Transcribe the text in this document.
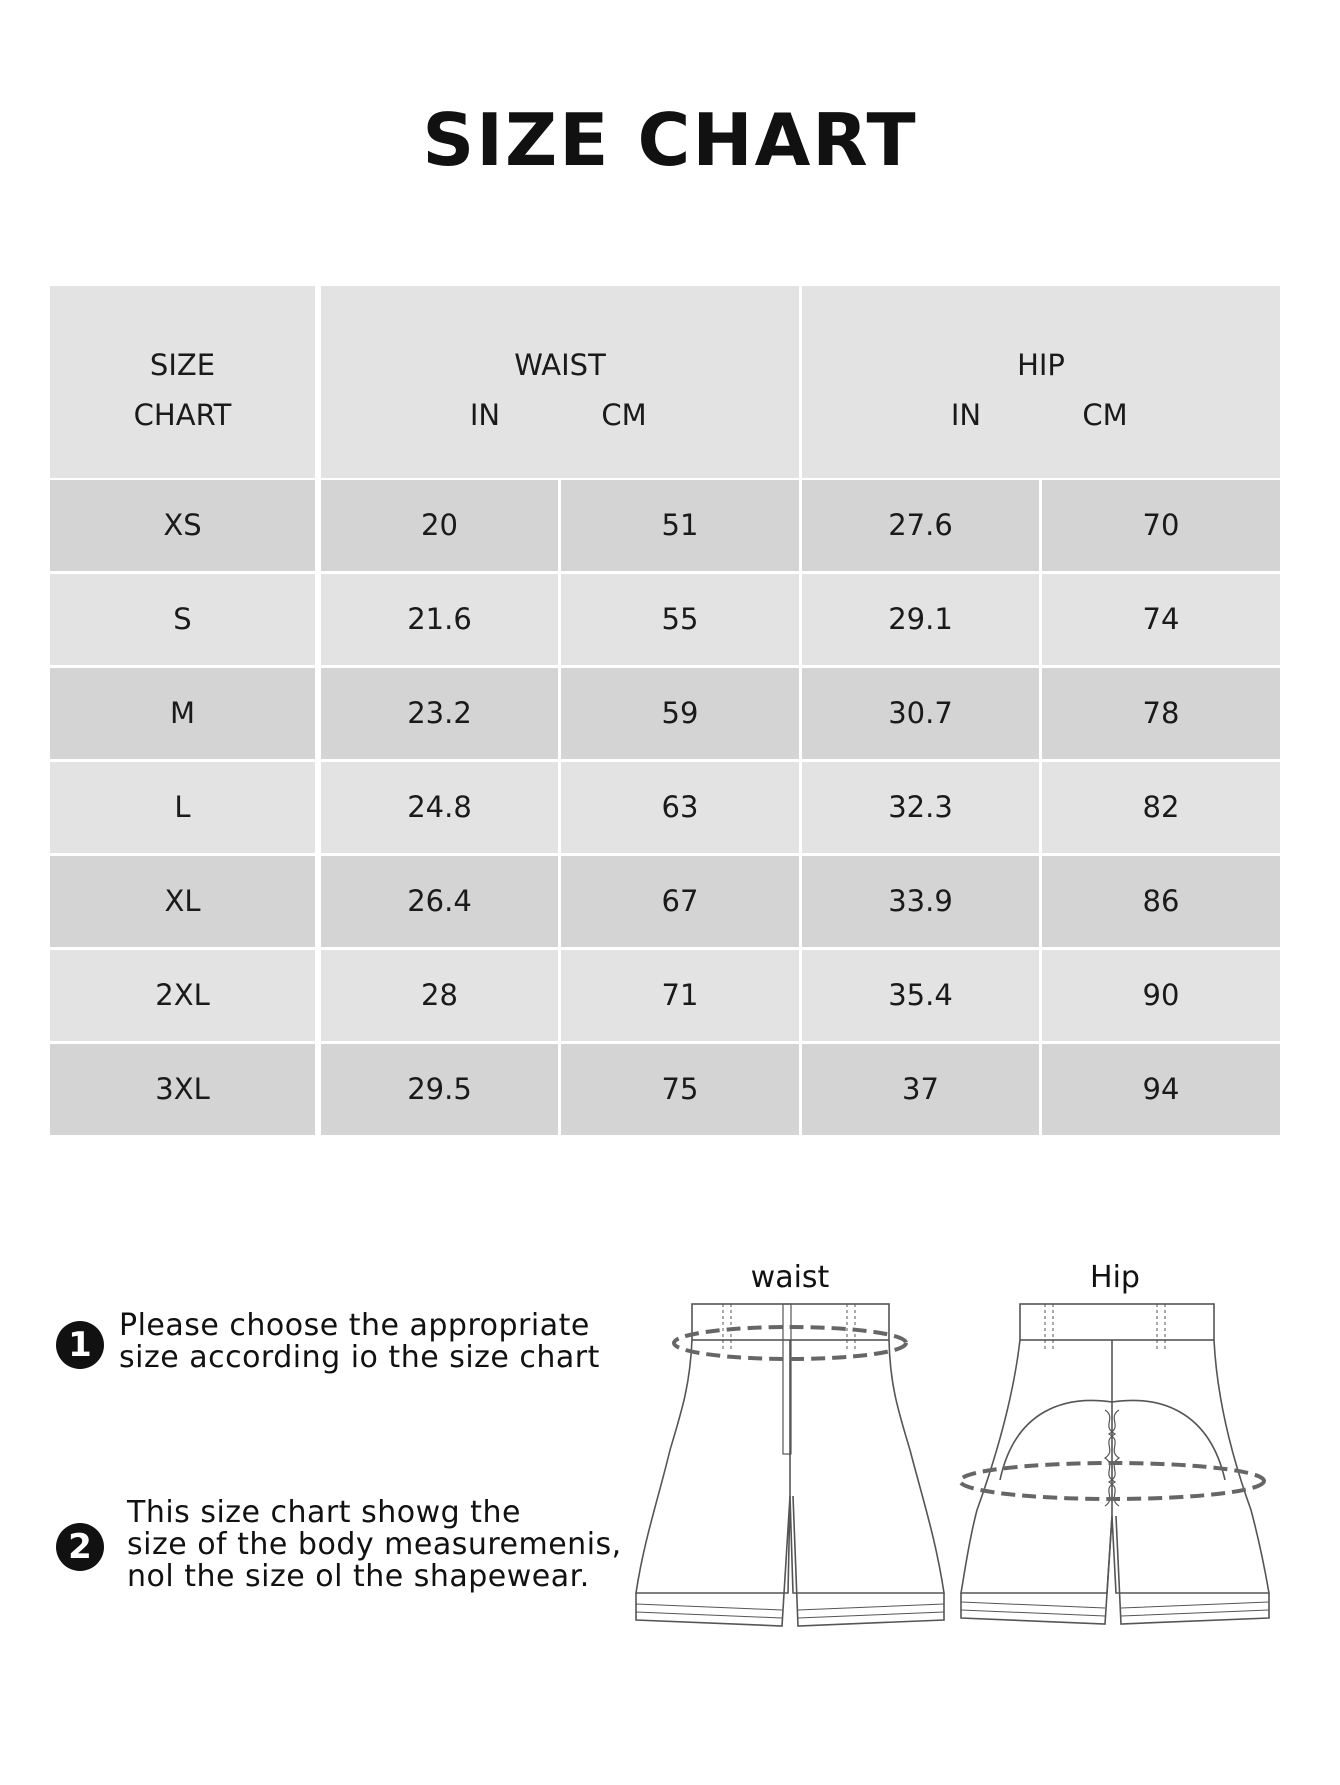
SIZE CHART
SIZE
CHART
WAIST
IN	CM
HIP
IN	CM
XS	20	51	27.6	70
S	21.6	55	29.1	74
M	23.2	59	30.7	78
L	24.8	63	32.3	82
XL	26.4	67	33.9	86
2XL	28	71	35.4	90
3XL	29.5	75	37	94
1 Please choose the appropriate
size according io the size chart
2
This size chart showg the
size of the body measuremenis,
nol the size ol the shapewear.
waist	Hip
